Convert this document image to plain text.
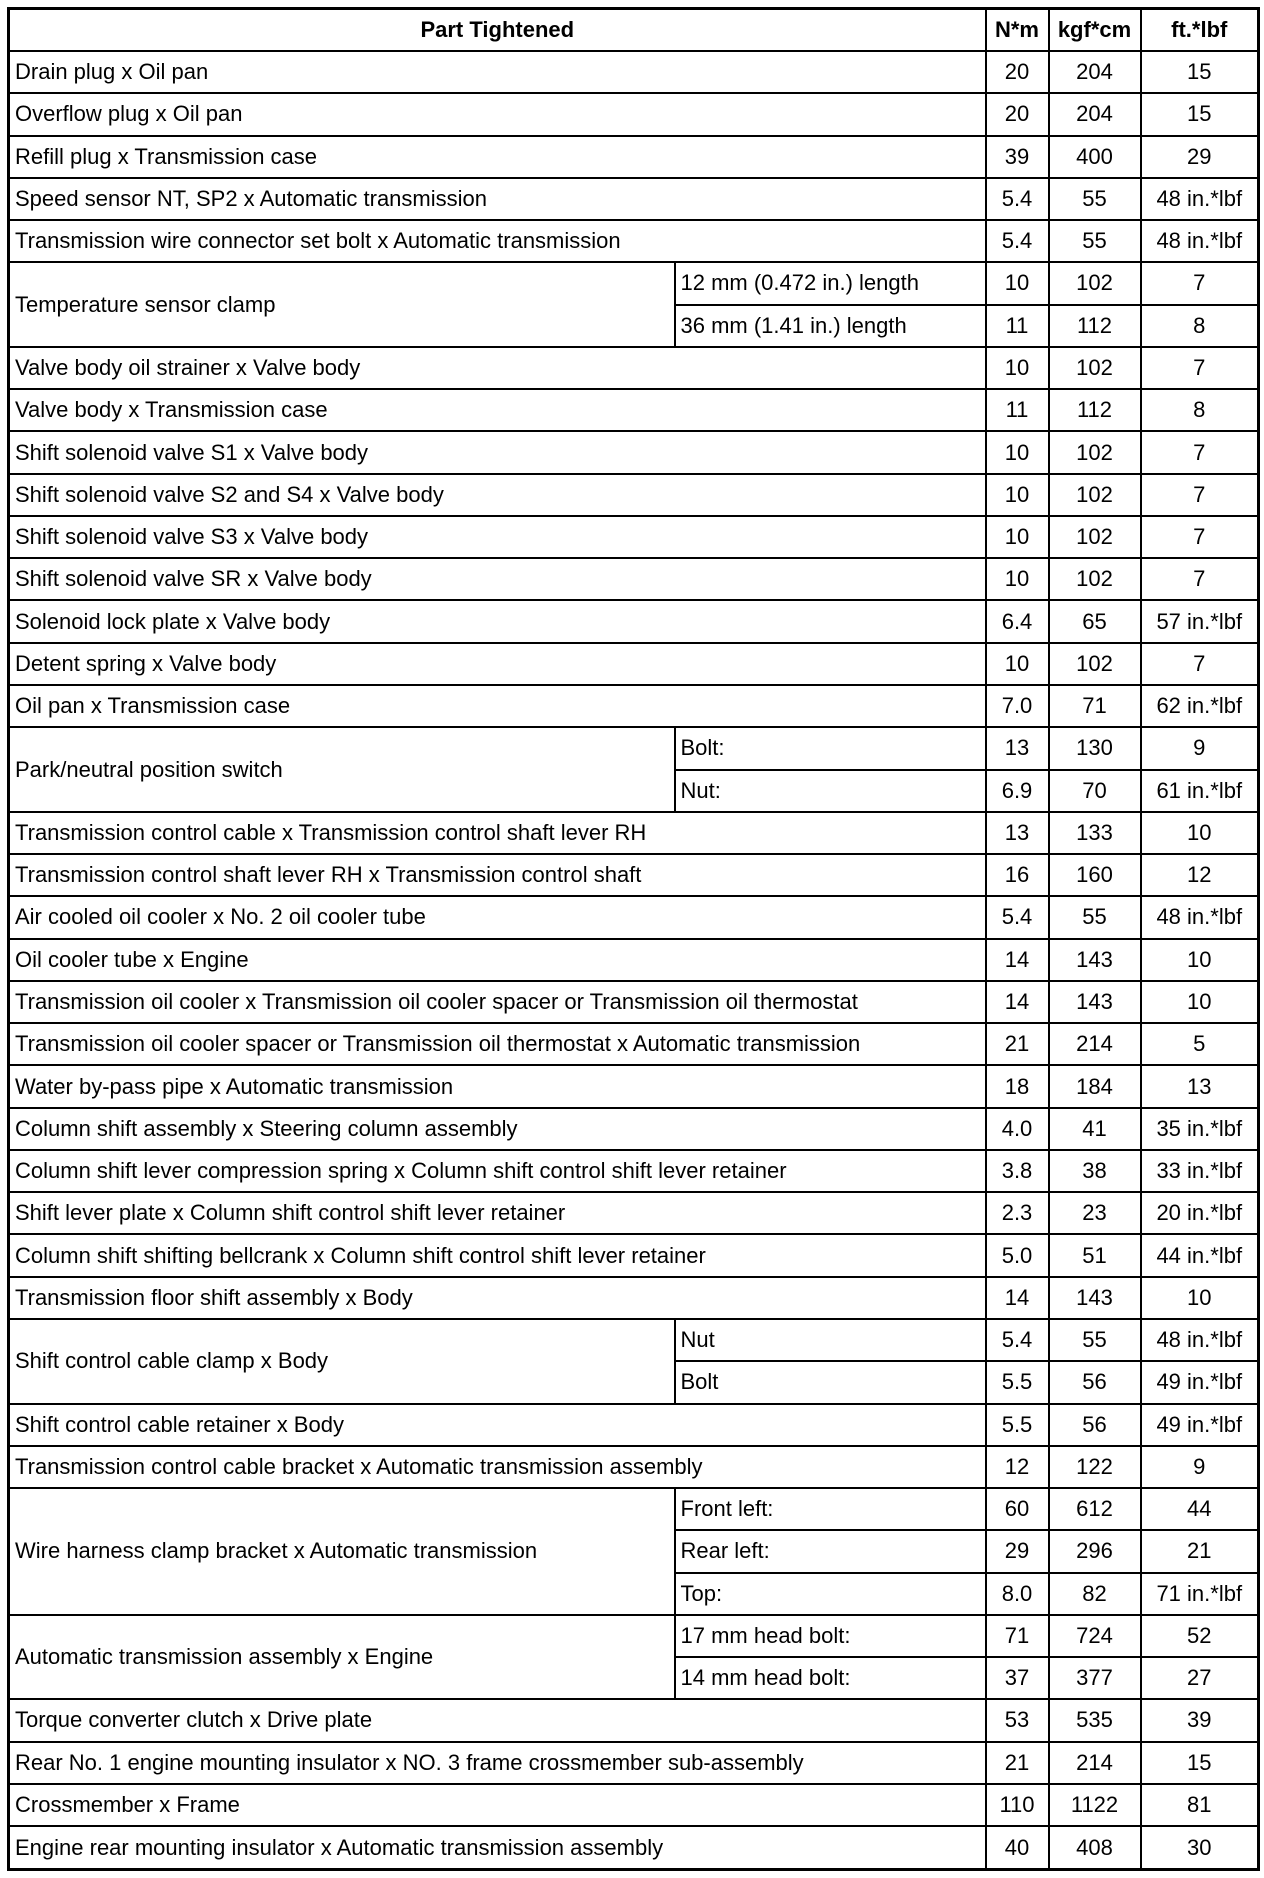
Part Tightened		N*m	kgf*cm	ft.*lbf
Drain plug x Oil pan		20	204	15
Overflow plug x Oil pan		20	204	15
Refill plug x Transmission case		39	400	29
Speed sensor NT, SP2 x Automatic transmission		5.4	55	48 in.*lbf
Transmission wire connector set bolt x Automatic transmission		5.4	55	48 in.*lbf
Temperature sensor clamp	12 mm (0.472 in.) length	10	102	7
	36 mm (1.41 in.) length	11	112	8
Valve body oil strainer x Valve body		10	102	7
Valve body x Transmission case		11	112	8
Shift solenoid valve S1 x Valve body		10	102	7
Shift solenoid valve S2 and S4 x Valve body		10	102	7
Shift solenoid valve S3 x Valve body		10	102	7
Shift solenoid valve SR x Valve body		10	102	7
Solenoid lock plate x Valve body		6.4	65	57 in.*lbf
Detent spring x Valve body		10	102	7
Oil pan x Transmission case		7.0	71	62 in.*lbf
Park/neutral position switch	Bolt:	13	130	9
	Nut:	6.9	70	61 in.*lbf
Transmission control cable x Transmission control shaft lever RH		13	133	10
Transmission control shaft lever RH x Transmission control shaft		16	160	12
Air cooled oil cooler x No. 2 oil cooler tube		5.4	55	48 in.*lbf
Oil cooler tube x Engine		14	143	10
Transmission oil cooler x Transmission oil cooler spacer or Transmission oil thermostat		14	143	10
Transmission oil cooler spacer or Transmission oil thermostat x Automatic transmission		21	214	5
Water by-pass pipe x Automatic transmission		18	184	13
Column shift assembly x Steering column assembly		4.0	41	35 in.*lbf
Column shift lever compression spring x Column shift control shift lever retainer		3.8	38	33 in.*lbf
Shift lever plate x Column shift control shift lever retainer		2.3	23	20 in.*lbf
Column shift shifting bellcrank x Column shift control shift lever retainer		5.0	51	44 in.*lbf
Transmission floor shift assembly x Body		14	143	10
Shift control cable clamp x Body	Nut	5.4	55	48 in.*lbf
	Bolt	5.5	56	49 in.*lbf
Shift control cable retainer x Body		5.5	56	49 in.*lbf
Transmission control cable bracket x Automatic transmission assembly		12	122	9
Wire harness clamp bracket x Automatic transmission	Front left:	60	612	44
	Rear left:	29	296	21
	Top:	8.0	82	71 in.*lbf
Automatic transmission assembly x Engine	17 mm head bolt:	71	724	52
	14 mm head bolt:	37	377	27
Torque converter clutch x Drive plate		53	535	39
Rear No. 1 engine mounting insulator x NO. 3 frame crossmember sub-assembly		21	214	15
Crossmember x Frame		110	1122	81
Engine rear mounting insulator x Automatic transmission assembly		40	408	30
